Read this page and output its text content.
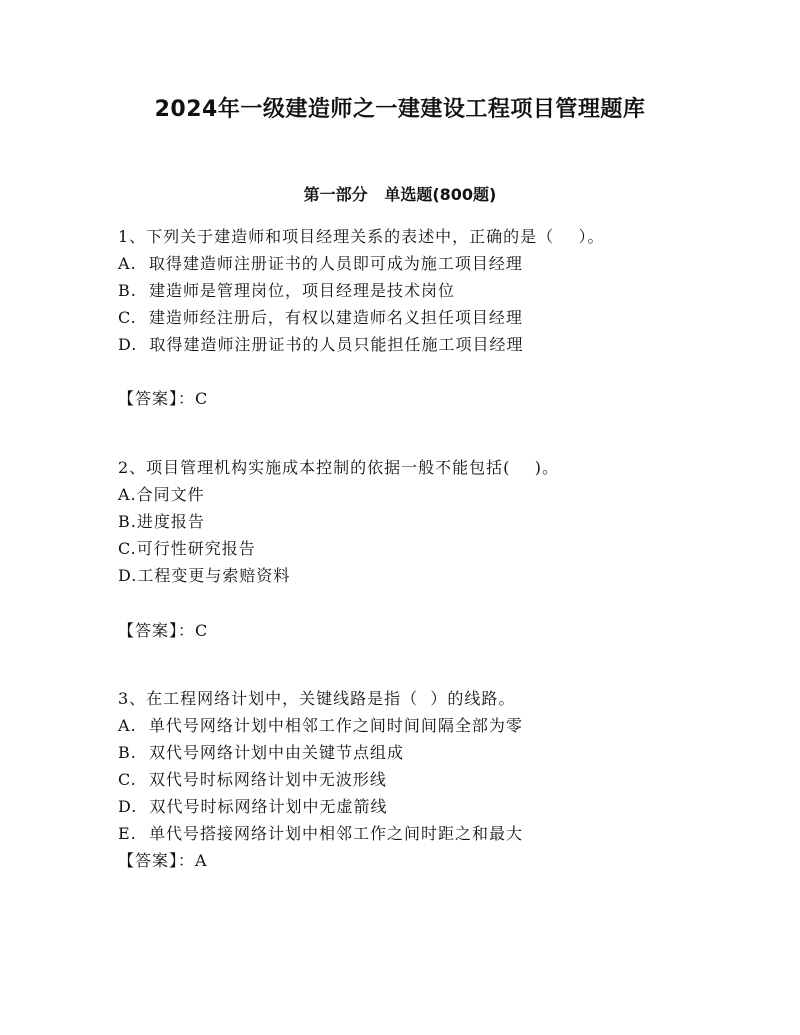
2024年一级建造师之一建建设工程项目管理题库
第一部分   单选题(800题)
1、下列关于建造师和项目经理关系的表述中，正确的是（    ）。
A.  取得建造师注册证书的人员即可成为施工项目经理
B.  建造师是管理岗位，项目经理是技术岗位
C.  建造师经注册后，有权以建造师名义担任项目经理
D.  取得建造师注册证书的人员只能担任施工项目经理
【答案】：C
2、项目管理机构实施成本控制的依据一般不能包括(    )。
A.合同文件
B.进度报告
C.可行性研究报告
D.工程变更与索赔资料
【答案】：C
3、在工程网络计划中，关键线路是指（  ）的线路。
A.  单代号网络计划中相邻工作之间时间间隔全部为零
B.  双代号网络计划中由关键节点组成
C.  双代号时标网络计划中无波形线
D.  双代号时标网络计划中无虚箭线
E.  单代号搭接网络计划中相邻工作之间时距之和最大
【答案】：A
